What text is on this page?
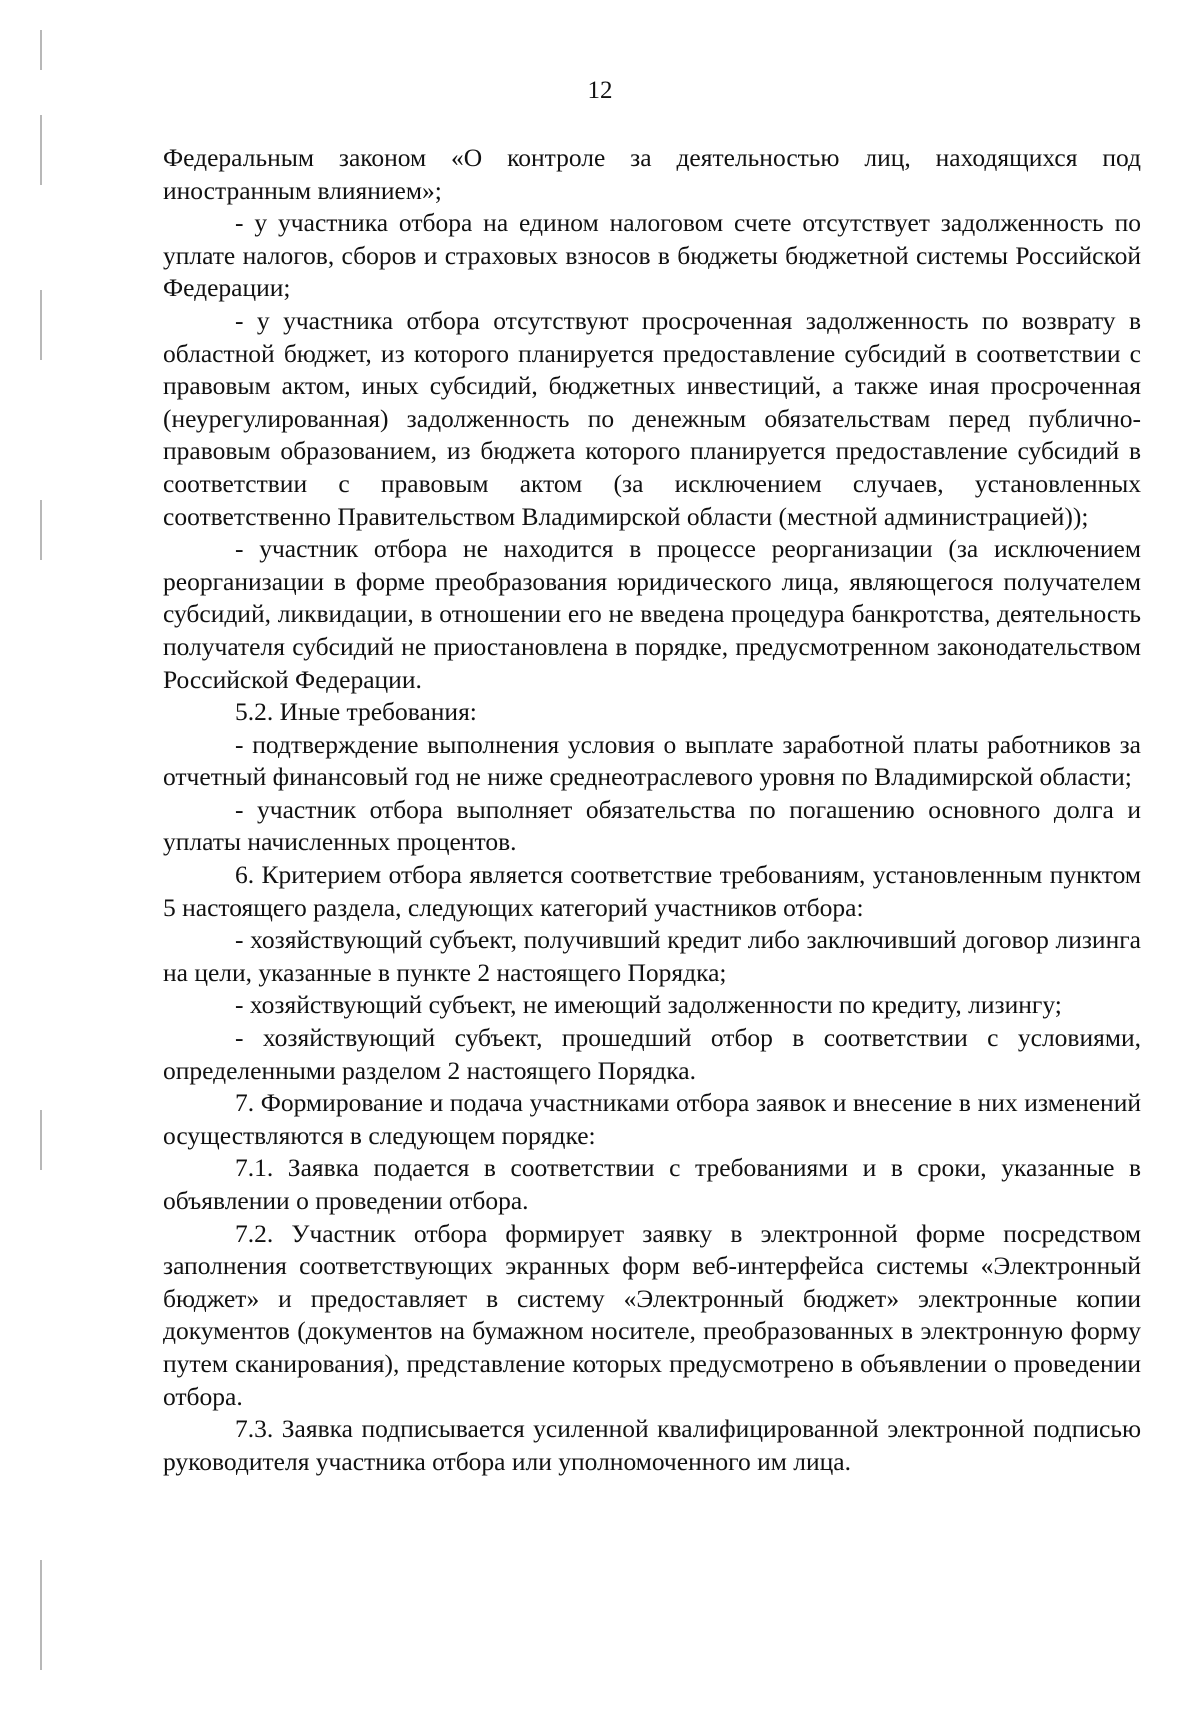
12

Федеральным законом «О контроле за деятельностью лиц, находящихся под иностранным влиянием»;

- у участника отбора на едином налоговом счете отсутствует задолженность по уплате налогов, сборов и страховых взносов в бюджеты бюджетной системы Российской Федерации;

- у участника отбора отсутствуют просроченная задолженность по возврату в областной бюджет, из которого планируется предоставление субсидий в соответствии с правовым актом, иных субсидий, бюджетных инвестиций, а также иная просроченная (неурегулированная) задолженность по денежным обязательствам перед публично-правовым образованием, из бюджета которого планируется предоставление субсидий в соответствии с правовым актом (за исключением случаев, установленных соответственно Правительством Владимирской области (местной администрацией));

- участник отбора не находится в процессе реорганизации (за исключением реорганизации в форме преобразования юридического лица, являющегося получателем субсидий, ликвидации, в отношении его не введена процедура банкротства, деятельность получателя субсидий не приостановлена в порядке, предусмотренном законодательством Российской Федерации.

5.2. Иные требования:

- подтверждение выполнения условия о выплате заработной платы работников за отчетный финансовый год не ниже среднеотраслевого уровня по Владимирской области;

- участник отбора выполняет обязательства по погашению основного долга и уплаты начисленных процентов.

6. Критерием отбора является соответствие требованиям, установленным пунктом 5 настоящего раздела, следующих категорий участников отбора:

- хозяйствующий субъект, получивший кредит либо заключивший договор лизинга на цели, указанные в пункте 2 настоящего Порядка;

- хозяйствующий субъект, не имеющий задолженности по кредиту, лизингу;

- хозяйствующий субъект, прошедший отбор в соответствии с условиями, определенными разделом 2 настоящего Порядка.

7. Формирование и подача участниками отбора заявок и внесение в них изменений осуществляются в следующем порядке:

7.1. Заявка подается в соответствии с требованиями и в сроки, указанные в объявлении о проведении отбора.

7.2. Участник отбора формирует заявку в электронной форме посредством заполнения соответствующих экранных форм веб-интерфейса системы «Электронный бюджет» и предоставляет в систему «Электронный бюджет» электронные копии документов (документов на бумажном носителе, преобразованных в электронную форму путем сканирования), представление которых предусмотрено в объявлении о проведении отбора.

7.3. Заявка подписывается усиленной квалифицированной электронной подписью руководителя участника отбора или уполномоченного им лица.
